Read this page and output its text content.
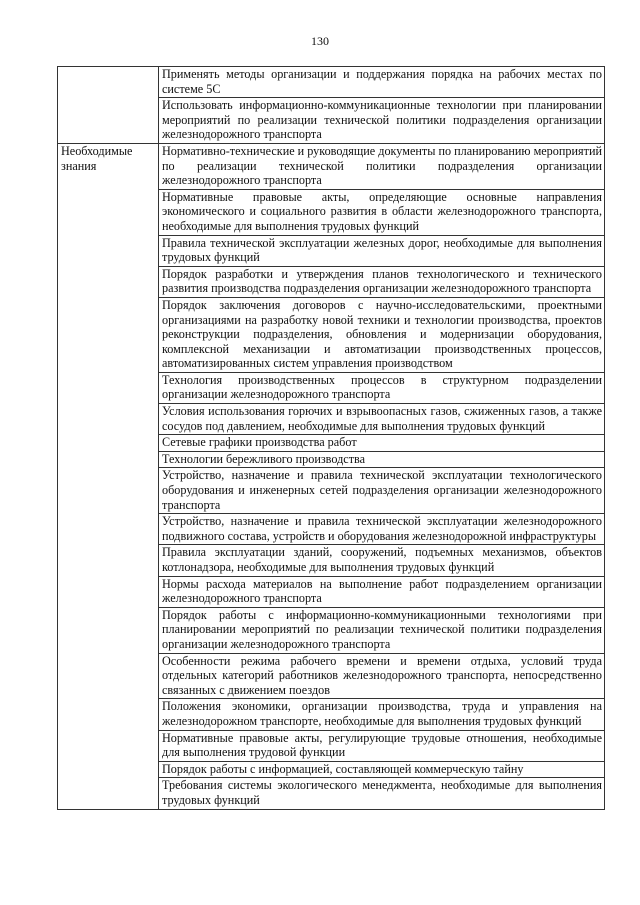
130
	Применять методы организации и поддержания порядка на рабочих местах по системе 5С
	Использовать информационно-коммуникационные технологии при планировании мероприятий по реализации технической политики подразделения организации железнодорожного транспорта
Необходимые знания	Нормативно-технические и руководящие документы по планированию мероприятий по реализации технической политики подразделения организации железнодорожного транспорта
	Нормативные правовые акты, определяющие основные направления экономического и социального развития в области железнодорожного транспорта, необходимые для выполнения трудовых функций
	Правила технической эксплуатации железных дорог, необходимые для выполнения трудовых функций
	Порядок разработки и утверждения планов технологического и технического развития производства подразделения организации железнодорожного транспорта
	Порядок заключения договоров с научно-исследовательскими, проектными организациями на разработку новой техники и технологии производства, проектов реконструкции подразделения, обновления и модернизации оборудования, комплексной механизации и автоматизации производственных процессов, автоматизированных систем управления производством
	Технология производственных процессов в структурном подразделении организации железнодорожного транспорта
	Условия использования горючих и взрывоопасных газов, сжиженных газов, а также сосудов под давлением, необходимые для выполнения трудовых функций
	Сетевые графики производства работ
	Технологии бережливого производства
	Устройство, назначение и правила технической эксплуатации технологического оборудования и инженерных сетей подразделения организации железнодорожного транспорта
	Устройство, назначение и правила технической эксплуатации железнодорожного подвижного состава, устройств и оборудования железнодорожной инфраструктуры
	Правила эксплуатации зданий, сооружений, подъемных механизмов, объектов котлонадзора, необходимые для выполнения трудовых функций
	Нормы расхода материалов на выполнение работ подразделением организации железнодорожного транспорта
	Порядок работы с информационно-коммуникационными технологиями при планировании мероприятий по реализации технической политики подразделения организации железнодорожного транспорта
	Особенности режима рабочего времени и времени отдыха, условий труда отдельных категорий работников железнодорожного транспорта, непосредственно связанных с движением поездов
	Положения экономики, организации производства, труда и управления на железнодорожном транспорте, необходимые для выполнения трудовых функций
	Нормативные правовые акты, регулирующие трудовые отношения, необходимые для выполнения трудовой функции
	Порядок работы с информацией, составляющей коммерческую тайну
	Требования системы экологического менеджмента, необходимые для выполнения трудовых функций
